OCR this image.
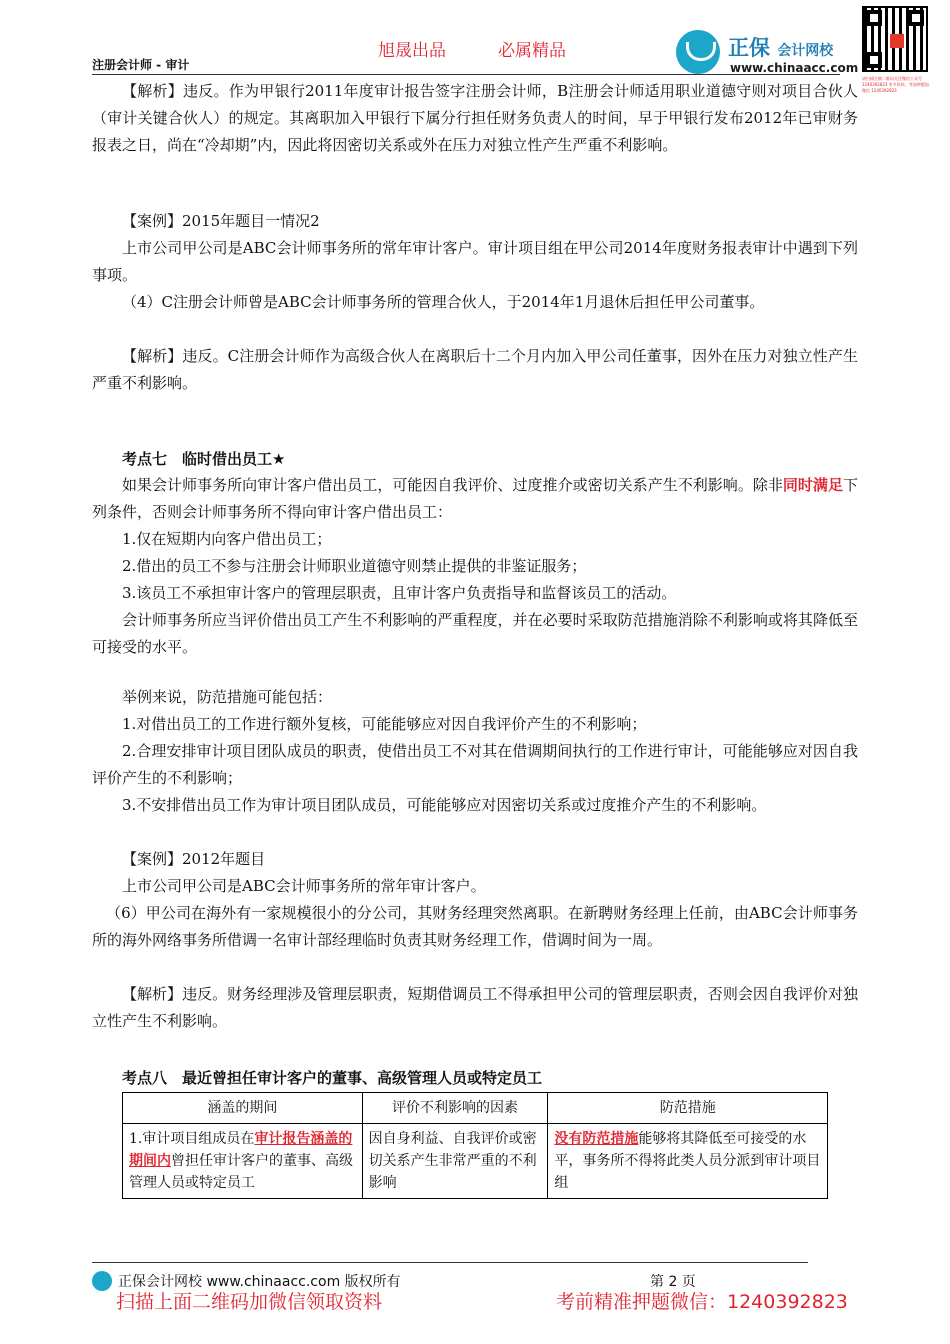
旭晟出品	必属精品
注册会计师 - 审计
正保 会计网校
www.chinaacc.com
请扫描左侧二维码关注微信公众号 1240392823 更多资料，考前押题加微信 1240392823

【解析】违反。作为甲银行2011年度审计报告签字注册会计师，B注册会计师适用职业道德守则对项目合伙人（审计关键合伙人）的规定。其离职加入甲银行下属分行担任财务负责人的时间，早于甲银行发布2012年已审财务报表之日，尚在“冷却期”内，因此将因密切关系或外在压力对独立性产生严重不利影响。

【案例】2015年题目一情况2

上市公司甲公司是ABC会计师事务所的常年审计客户。审计项目组在甲公司2014年度财务报表审计中遇到下列事项。

（4）C注册会计师曾是ABC会计师事务所的管理合伙人，于2014年1月退休后担任甲公司董事。

【解析】违反。C注册会计师作为高级合伙人在离职后十二个月内加入甲公司任董事，因外在压力对独立性产生严重不利影响。

考点七　临时借出员工★

如果会计师事务所向审计客户借出员工，可能因自我评价、过度推介或密切关系产生不利影响。除非同时满足下列条件，否则会计师事务所不得向审计客户借出员工：

1.仅在短期内向客户借出员工；

2.借出的员工不参与注册会计师职业道德守则禁止提供的非鉴证服务；

3.该员工不承担审计客户的管理层职责，且审计客户负责指导和监督该员工的活动。

会计师事务所应当评价借出员工产生不利影响的严重程度，并在必要时采取防范措施消除不利影响或将其降低至可接受的水平。

举例来说，防范措施可能包括：

1.对借出员工的工作进行额外复核，可能能够应对因自我评价产生的不利影响；

2.合理安排审计项目团队成员的职责，使借出员工不对其在借调期间执行的工作进行审计，可能能够应对因自我评价产生的不利影响；

3.不安排借出员工作为审计项目团队成员，可能能够应对因密切关系或过度推介产生的不利影响。

【案例】2012年题目

上市公司甲公司是ABC会计师事务所的常年审计客户。

（6）甲公司在海外有一家规模很小的分公司，其财务经理突然离职。在新聘财务经理上任前，由ABC会计师事务所的海外网络事务所借调一名审计部经理临时负责其财务经理工作，借调时间为一周。

【解析】违反。财务经理涉及管理层职责，短期借调员工不得承担甲公司的管理层职责，否则会因自我评价对独立性产生不利影响。

考点八　最近曾担任审计客户的董事、高级管理人员或特定员工

涵盖的期间	评价不利影响的因素	防范措施
1.审计项目组成员在审计报告涵盖的期间内曾担任审计客户的董事、高级管理人员或特定员工	因自身利益、自我评价或密切关系产生非常严重的不利影响	没有防范措施能够将其降低至可接受的水平，事务所不得将此类人员分派到审计项目组
正保会计网校 www.chinaacc.com 版权所有	第 2 页
扫描上面二维码加微信领取资料	考前精准押题微信：1240392823
